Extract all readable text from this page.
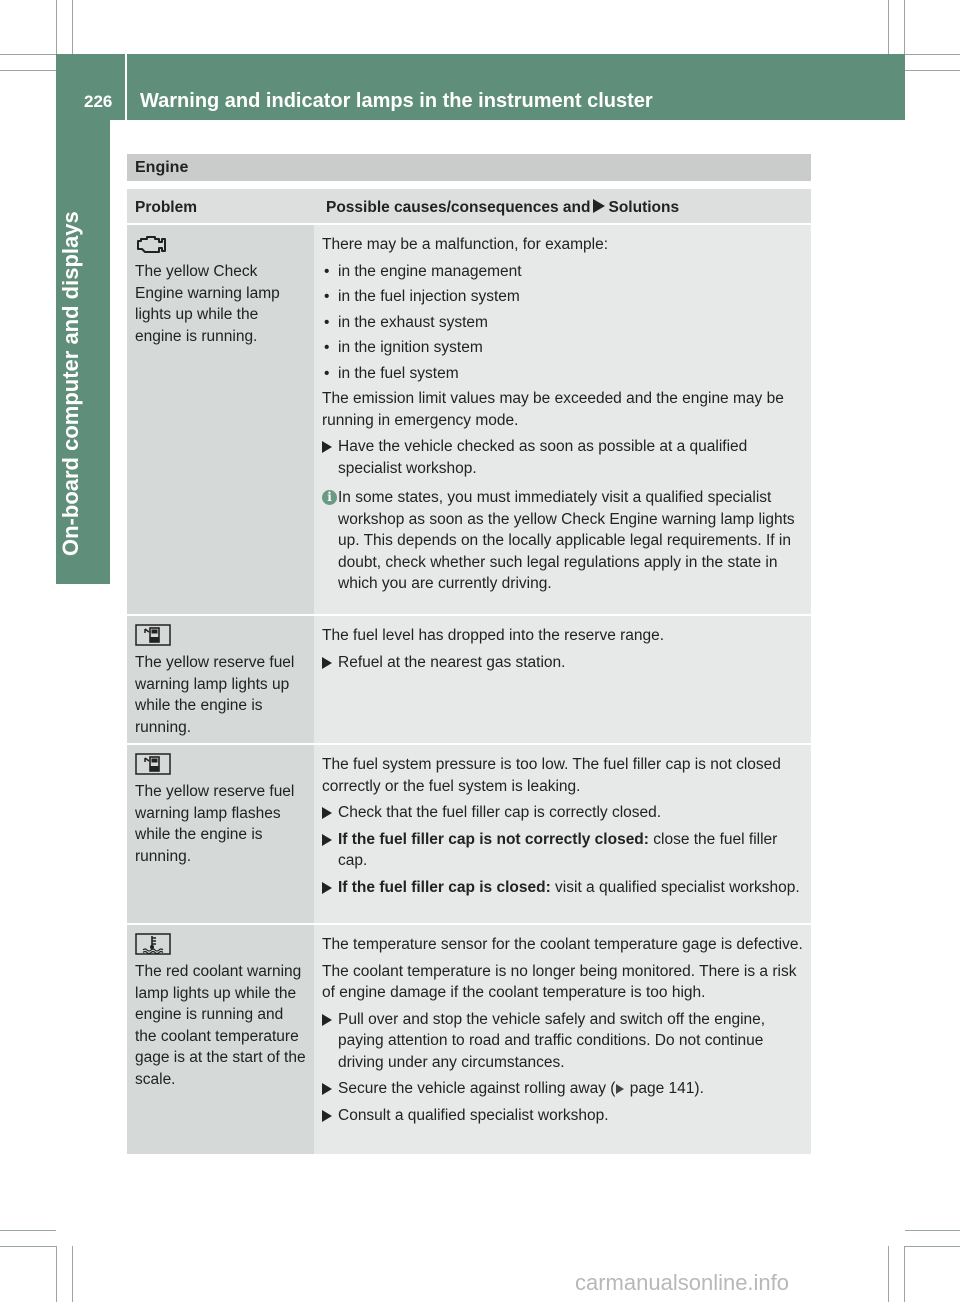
226 Warning and indicator lamps in the instrument cluster
On-board computer and displays
Engine
Problem	Possible causes/consequences and Solutions
The yellow Check Engine warning lamp lights up while the engine is running.

There may be a malfunction, for example:

• in the engine management
• in the fuel injection system
• in the exhaust system
• in the ignition system
• in the fuel system

The emission limit values may be exceeded and the engine may be running in emergency mode.

Have the vehicle checked as soon as possible at a qualified specialist workshop.
i In some states, you must immediately visit a qualified specialist workshop as soon as the yellow Check Engine warning lamp lights up. This depends on the locally applicable legal requirements. If in doubt, check whether such legal regulations apply in the state in which you are currently driving.
The yellow reserve fuel warning lamp lights up while the engine is running.

The fuel level has dropped into the reserve range.

Refuel at the nearest gas station.
The yellow reserve fuel warning lamp flashes while the engine is running.

The fuel system pressure is too low. The fuel filler cap is not closed correctly or the fuel system is leaking.

Check that the fuel filler cap is correctly closed.
If the fuel filler cap is not correctly closed: close the fuel filler cap.
If the fuel filler cap is closed: visit a qualified specialist workshop.
The red coolant warning lamp lights up while the engine is running and the coolant temperature gage is at the start of the scale.

The temperature sensor for the coolant temperature gage is defective.

The coolant temperature is no longer being monitored. There is a risk of engine damage if the coolant temperature is too high.

Pull over and stop the vehicle safely and switch off the engine, paying attention to road and traffic conditions. Do not continue driving under any circumstances.
Secure the vehicle against rolling away ( page 141).
Consult a qualified specialist workshop.
carmanualsonline.info
